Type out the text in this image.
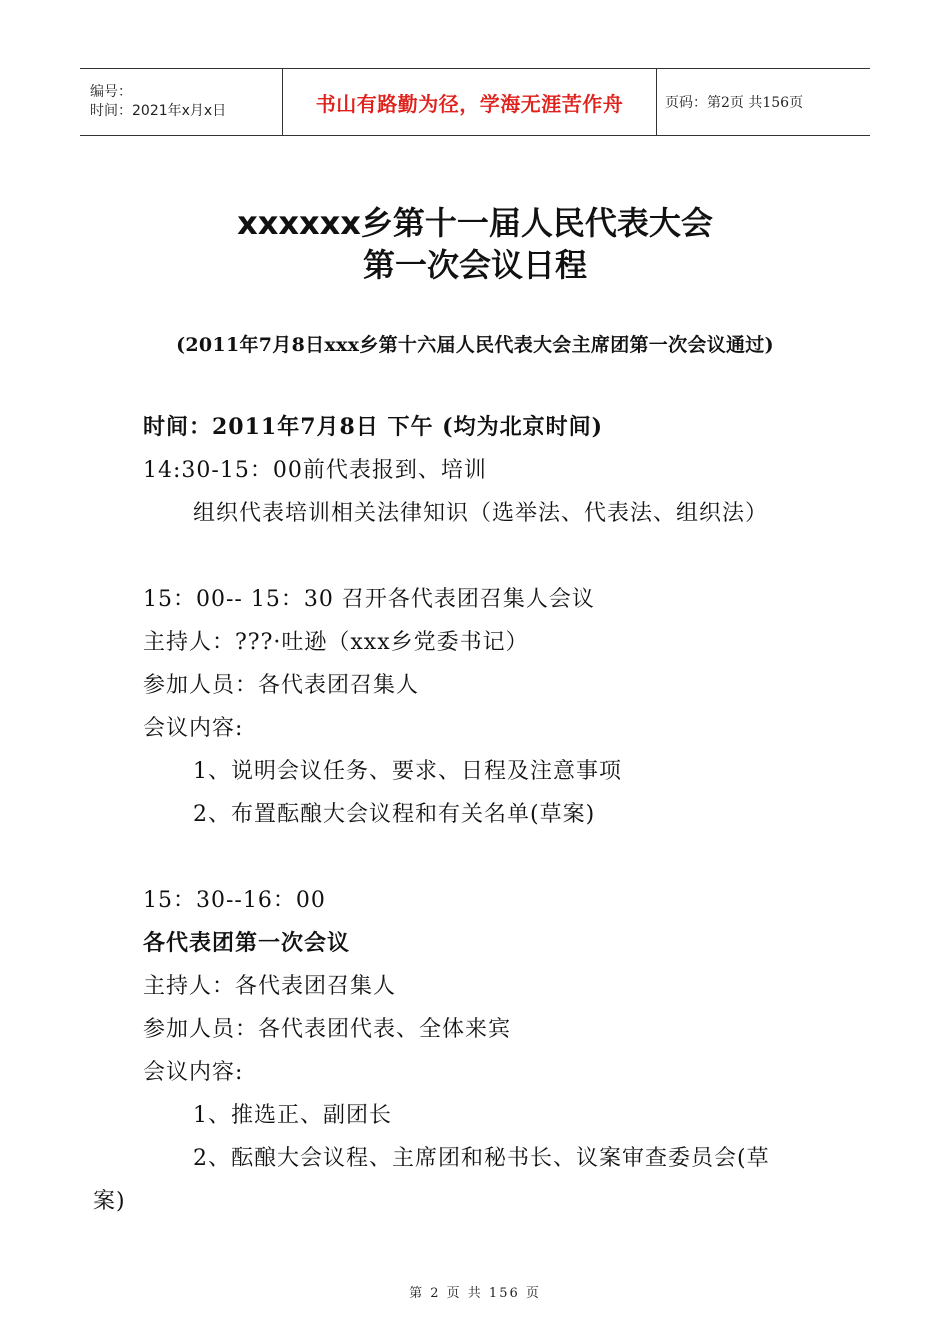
编号：
时间：2021年x月x日	书山有路勤为径，学海无涯苦作舟	页码：第2页 共156页
xxxxxx乡第十一届人民代表大会
第一次会议日程
(2011年7月8日xxx乡第十六届人民代表大会主席团第一次会议通过)
时间：2011年7月8日 下午 (均为北京时间)
14:30-15：00前代表报到、培训
组织代表培训相关法律知识（选举法、代表法、组织法）
15：00-- 15：30 召开各代表团召集人会议
主持人：???·吐逊（xxx乡党委书记）
参加人员：各代表团召集人
会议内容:
1、说明会议任务、要求、日程及注意事项
2、布置酝酿大会议程和有关名单(草案)
15：30--16：00
各代表团第一次会议
主持人：各代表团召集人
参加人员：各代表团代表、全体来宾
会议内容:
1、推选正、副团长
2、酝酿大会议程、主席团和秘书长、议案审查委员会(草
案)
第 2 页 共 156 页
